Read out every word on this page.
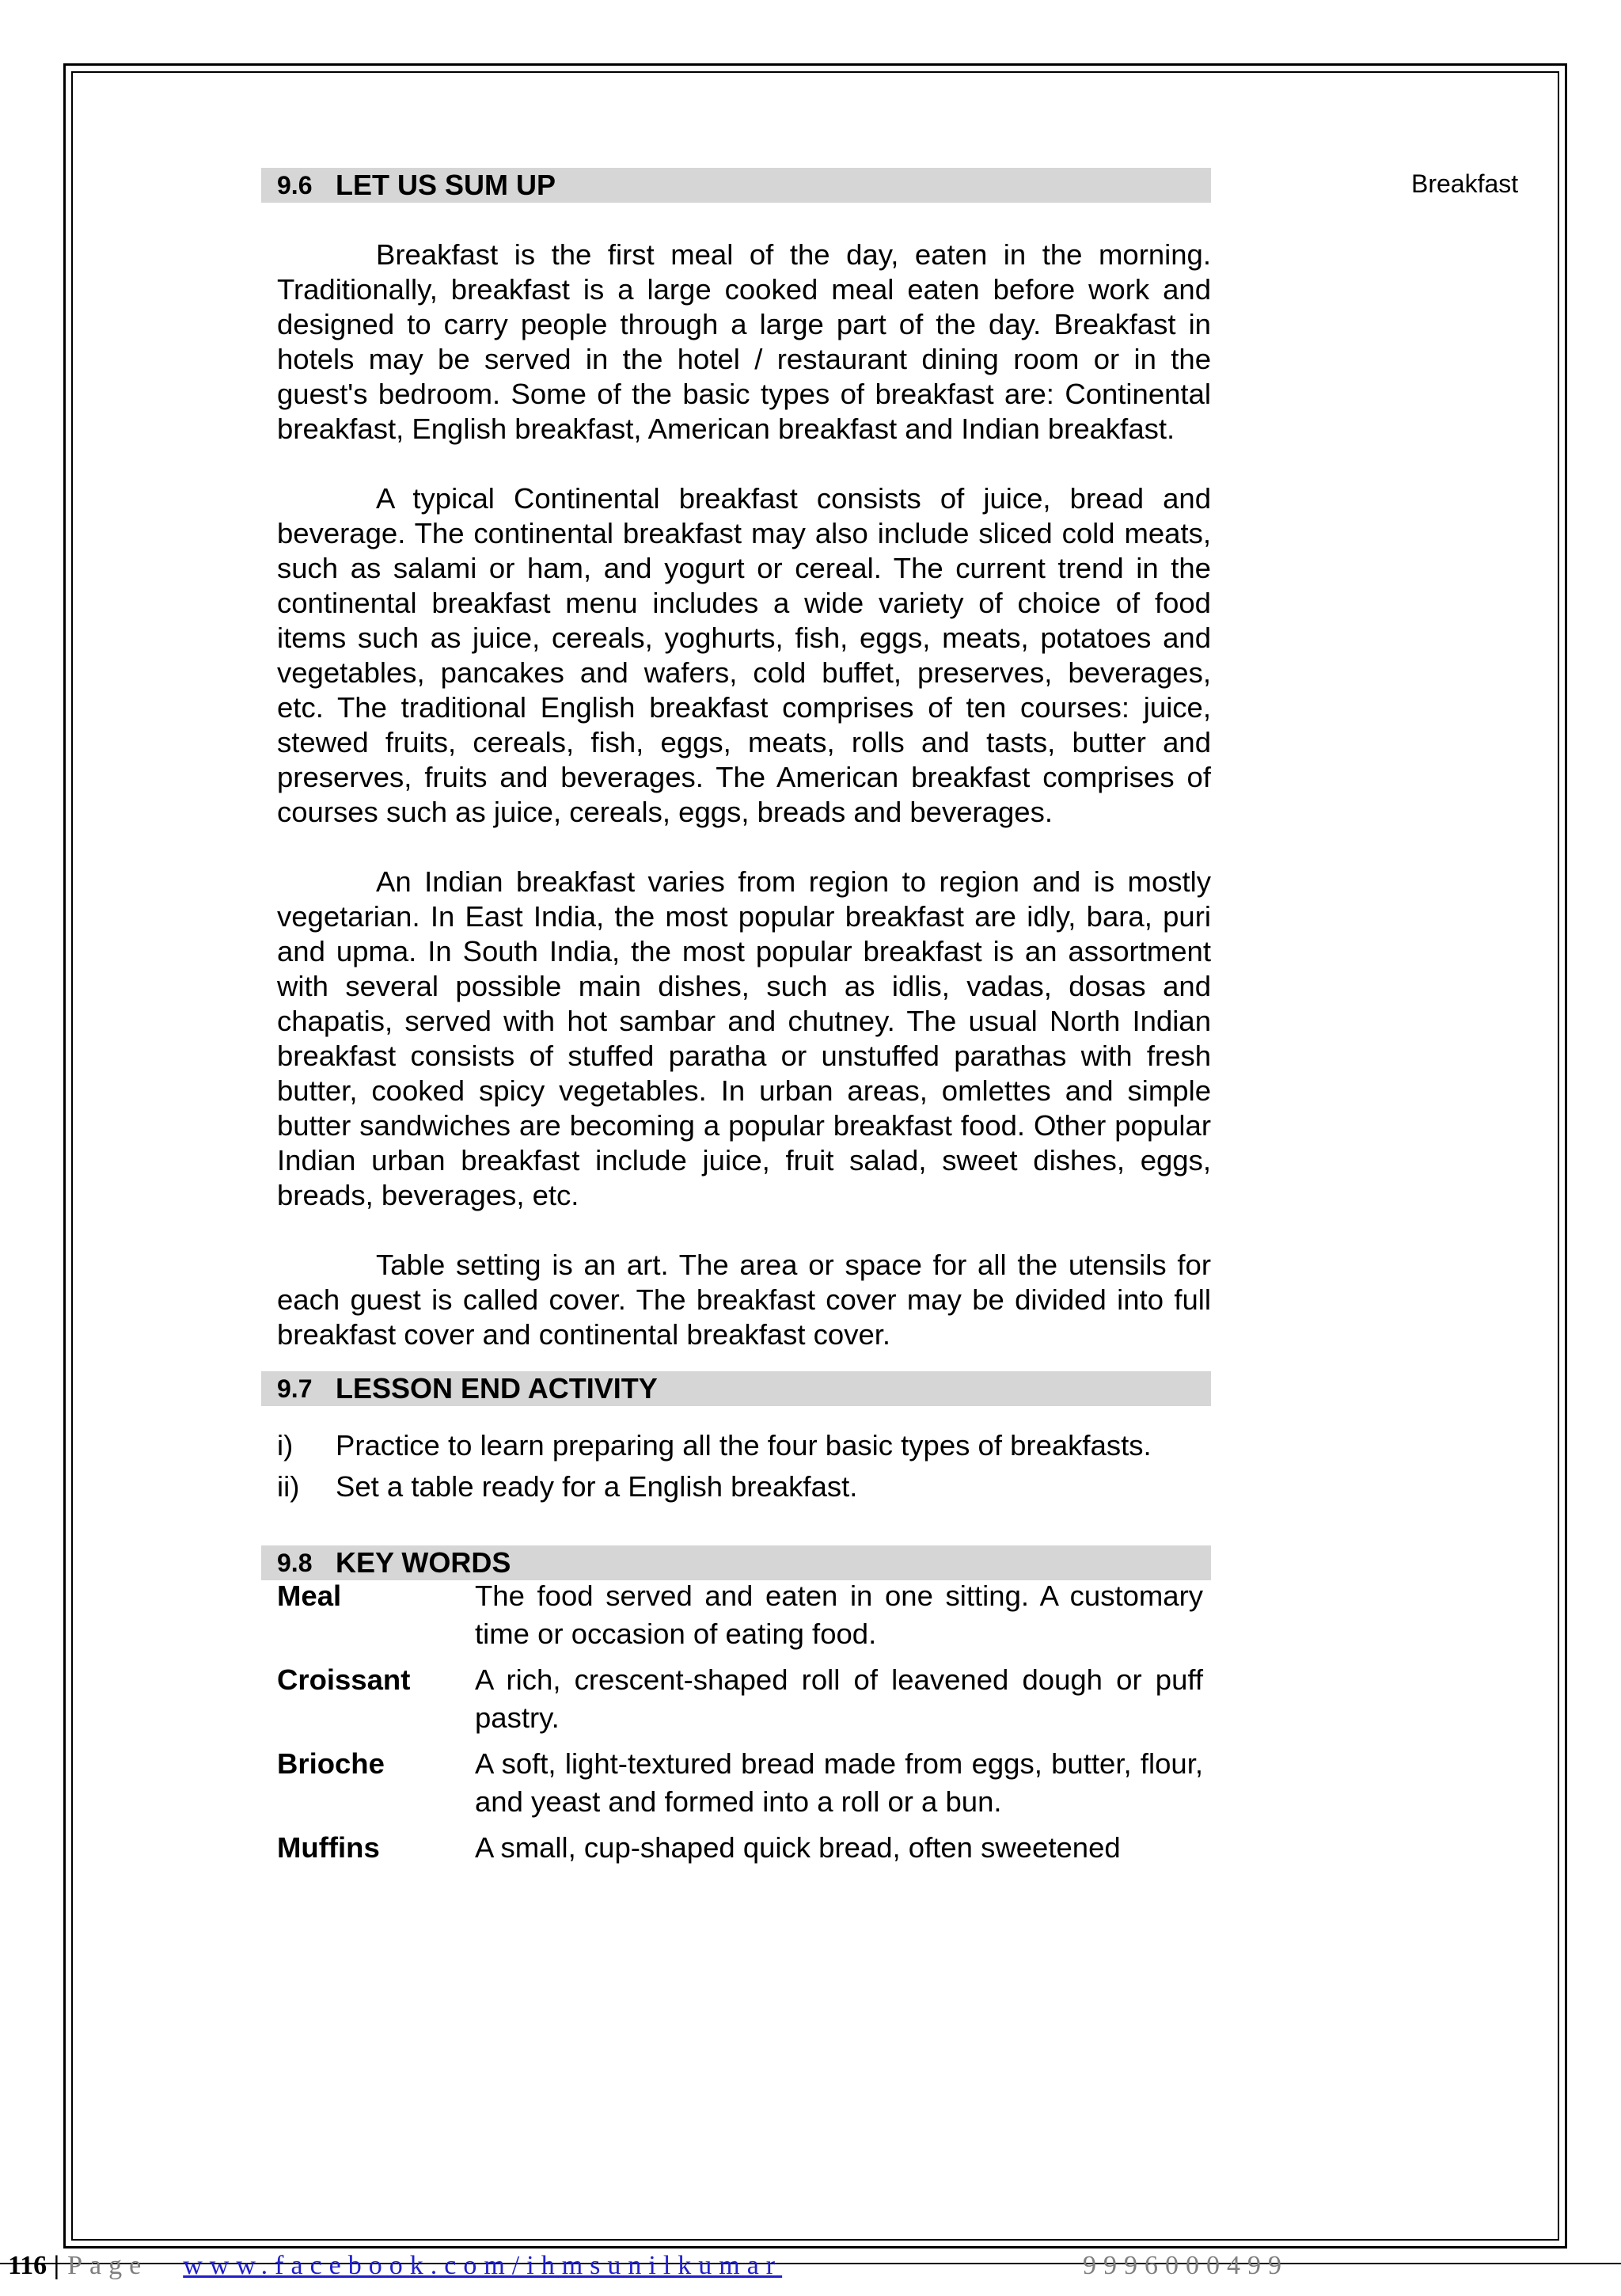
Breakfast
9.6 LET US SUM UP

Breakfast is the first meal of the day, eaten in the morning. Traditionally, breakfast is a large cooked meal eaten before work and designed to carry people through a large part of the day. Breakfast in hotels may be served in the hotel / restaurant dining room or in the guest's bedroom. Some of the basic types of breakfast are: Continental breakfast, English breakfast, American breakfast and Indian breakfast.

A typical Continental breakfast consists of juice, bread and beverage. The continental breakfast may also include sliced cold meats, such as salami or ham, and yogurt or cereal. The current trend in the continental breakfast menu includes a wide variety of choice of food items such as juice, cereals, yoghurts, fish, eggs, meats, potatoes and vegetables, pancakes and wafers, cold buffet, preserves, beverages, etc. The traditional English breakfast comprises of ten courses: juice, stewed fruits, cereals, fish, eggs, meats, rolls and tasts, butter and preserves, fruits and beverages. The American breakfast comprises of courses such as juice, cereals, eggs, breads and beverages.

An Indian breakfast varies from region to region and is mostly vegetarian. In East India, the most popular breakfast are idly, bara, puri and upma. In South India, the most popular breakfast is an assortment with several possible main dishes, such as idlis, vadas, dosas and chapatis, served with hot sambar and chutney. The usual North Indian breakfast consists of stuffed paratha or unstuffed parathas with fresh butter, cooked spicy vegetables. In urban areas, omlettes and simple butter sandwiches are becoming a popular breakfast food. Other popular Indian urban breakfast include juice, fruit salad, sweet dishes, eggs, breads, beverages, etc.

Table setting is an art. The area or space for all the utensils for each guest is called cover. The breakfast cover may be divided into full breakfast cover and continental breakfast cover.

9.7 LESSON END ACTIVITY
i)	Practice to learn preparing all the four basic types of breakfasts.
ii)	Set a table ready for a English breakfast.
9.8 KEY WORDS
Meal	The food served and eaten in one sitting. A customary time or occasion of eating food.
Croissant	A rich, crescent-shaped roll of leavened dough or puff pastry.
Brioche	A soft, light-textured bread made from eggs, butter, flour, and yeast and formed into a roll or a bun.
Muffins	A small, cup-shaped quick bread, often sweetened
116 | Page www.facebook.com/ihmsunilkumar	9996000499
